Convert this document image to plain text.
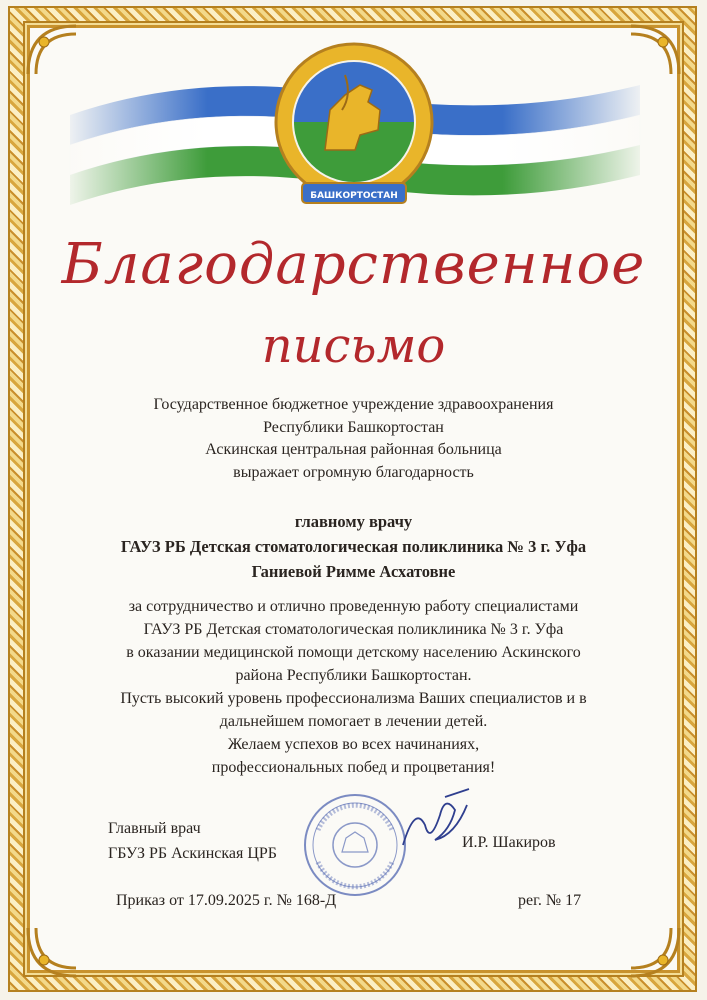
БАШКОРТОСТАН
Благодарственное
письмо
Государственное бюджетное учреждение здравоохранения
Республики Башкортостан
Аскинская центральная районная больница
выражает огромную благодарность
главному врачу
ГАУЗ РБ Детская стоматологическая поликлиника № 3 г. Уфа
Ганиевой Римме Асхатовне
за сотрудничество и отлично проведенную работу специалистами
ГАУЗ РБ Детская стоматологическая поликлиника № 3 г. Уфа
в оказании медицинской помощи детскому населению Аскинского
района Республики Башкортостан.
Пусть высокий уровень профессионализма Ваших специалистов и в
дальнейшем помогает в лечении детей.
Желаем успехов во всех начинаниях,
профессиональных побед и процветания!
Главный врач
ГБУЗ РБ Аскинская ЦРБ
И.Р. Шакиров
Приказ от 17.09.2025 г. № 168-Д	рег. № 17
